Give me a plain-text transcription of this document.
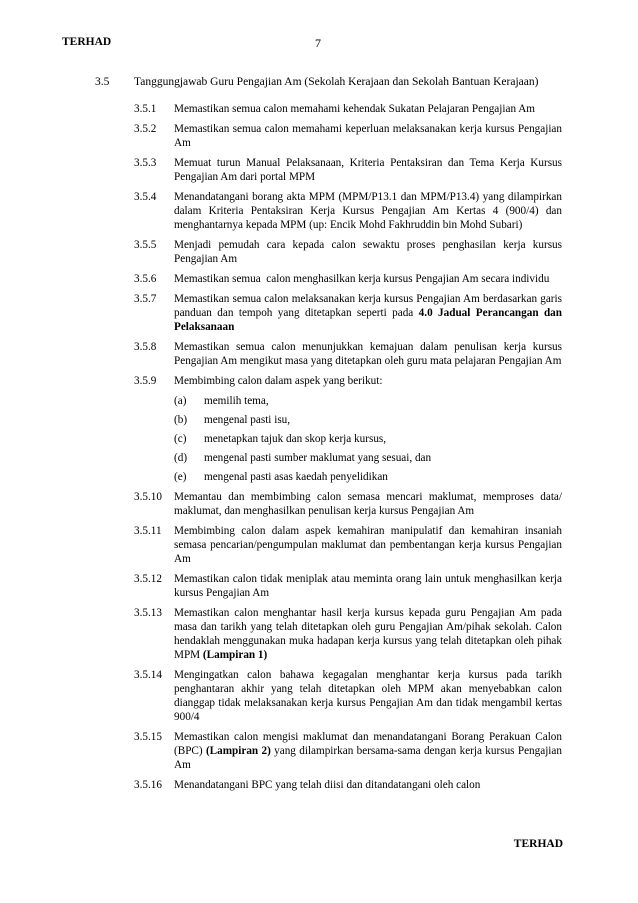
TERHAD	7
3.5 Tanggungjawab Guru Pengajian Am (Sekolah Kerajaan dan Sekolah Bantuan Kerajaan)
3.5.1 Memastikan semua calon memahami kehendak Sukatan Pelajaran Pengajian Am
3.5.2 Memastikan semua calon memahami keperluan melaksanakan kerja kursus Pengajian Am
3.5.3 Memuat turun Manual Pelaksanaan, Kriteria Pentaksiran dan Tema Kerja Kursus Pengajian Am dari portal MPM
3.5.4 Menandatangani borang akta MPM (MPM/P13.1 dan MPM/P13.4) yang dilampirkan dalam Kriteria Pentaksiran Kerja Kursus Pengajian Am Kertas 4 (900/4) dan menghantarnya kepada MPM (up: Encik Mohd Fakhruddin bin Mohd Subari)
3.5.5 Menjadi pemudah cara kepada calon sewaktu proses penghasilan kerja kursus Pengajian Am
3.5.6 Memastikan semua  calon menghasilkan kerja kursus Pengajian Am secara individu
3.5.7 Memastikan semua calon melaksanakan kerja kursus Pengajian Am berdasarkan garis panduan dan tempoh yang ditetapkan seperti pada 4.0 Jadual Perancangan dan Pelaksanaan
3.5.8 Memastikan semua calon menunjukkan kemajuan dalam penulisan kerja kursus Pengajian Am mengikut masa yang ditetapkan oleh guru mata pelajaran Pengajian Am
3.5.9 Membimbing calon dalam aspek yang berikut:
(a) memilih tema,
(b) mengenal pasti isu,
(c) menetapkan tajuk dan skop kerja kursus,
(d) mengenal pasti sumber maklumat yang sesuai, dan
(e) mengenal pasti asas kaedah penyelidikan
3.5.10 Memantau dan membimbing calon semasa mencari maklumat, memproses data/ maklumat, dan menghasilkan penulisan kerja kursus Pengajian Am
3.5.11 Membimbing calon dalam aspek kemahiran manipulatif dan kemahiran insaniah semasa pencarian/pengumpulan maklumat dan pembentangan kerja kursus Pengajian Am
3.5.12 Memastikan calon tidak meniplak atau meminta orang lain untuk menghasilkan kerja kursus Pengajian Am
3.5.13 Memastikan calon menghantar hasil kerja kursus kepada guru Pengajian Am pada masa dan tarikh yang telah ditetapkan oleh guru Pengajian Am/pihak sekolah. Calon hendaklah menggunakan muka hadapan kerja kursus yang telah ditetapkan oleh pihak MPM (Lampiran 1)
3.5.14 Mengingatkan calon bahawa kegagalan menghantar kerja kursus pada tarikh penghantaran akhir yang telah ditetapkan oleh MPM akan menyebabkan calon dianggap tidak melaksanakan kerja kursus Pengajian Am dan tidak mengambil kertas 900/4
3.5.15 Memastikan calon mengisi maklumat dan menandatangani Borang Perakuan Calon (BPC) (Lampiran 2) yang dilampirkan bersama-sama dengan kerja kursus Pengajian Am
3.5.16 Menandatangani BPC yang telah diisi dan ditandatangani oleh calon
TERHAD
